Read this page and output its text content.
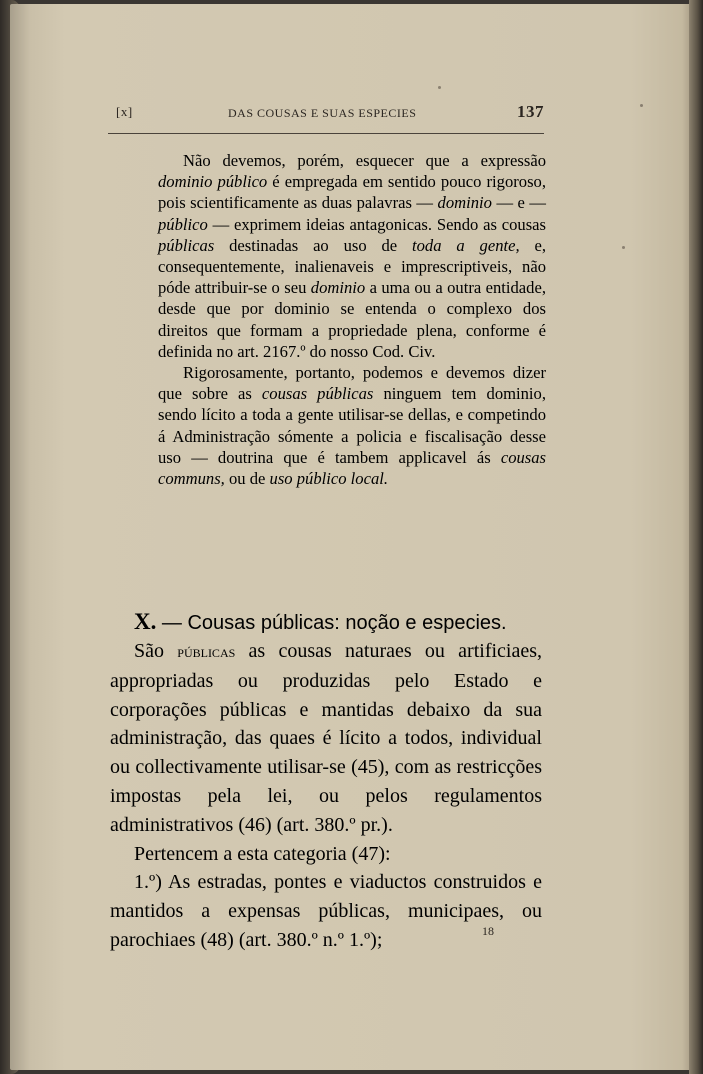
[x]	DAS COUSAS E SUAS ESPECIES	137

Não devemos, porém, esquecer que a expressão dominio público é empregada em sentido pouco rigoroso, pois scientificamente as duas palavras — dominio — e — público — exprimem ideias antagonicas. Sendo as cousas públicas destinadas ao uso de toda a gente, e, consequentemente, inalienaveis e imprescriptiveis, não póde attribuir-se o seu dominio a uma ou a outra entidade, desde que por dominio se entenda o complexo dos direitos que formam a propriedade plena, conforme é definida no art. 2167.º do nosso Cod. Civ.

Rigorosamente, portanto, podemos e devemos dizer que sobre as cousas públicas ninguem tem dominio, sendo lícito a toda a gente utilisar-se dellas, e competindo á Administração sómente a policia e fiscalisação desse uso — doutrina que é tambem applicavel ás cousas communs, ou de uso público local.

X. — Cousas públicas: noção e especies.

São públicas as cousas naturaes ou artificiaes, appropriadas ou produzidas pelo Estado e corporações públicas e mantidas debaixo da sua administração, das quaes é lícito a todos, individual ou collectivamente utilisar-se (45), com as restricções impostas pela lei, ou pelos regulamentos administrativos (46) (art. 380.º pr.).

Pertencem a esta categoria (47):

1.º) As estradas, pontes e viaductos construidos e mantidos a expensas públicas, municipaes, ou parochiaes (48) (art. 380.º n.º 1.º);	18
